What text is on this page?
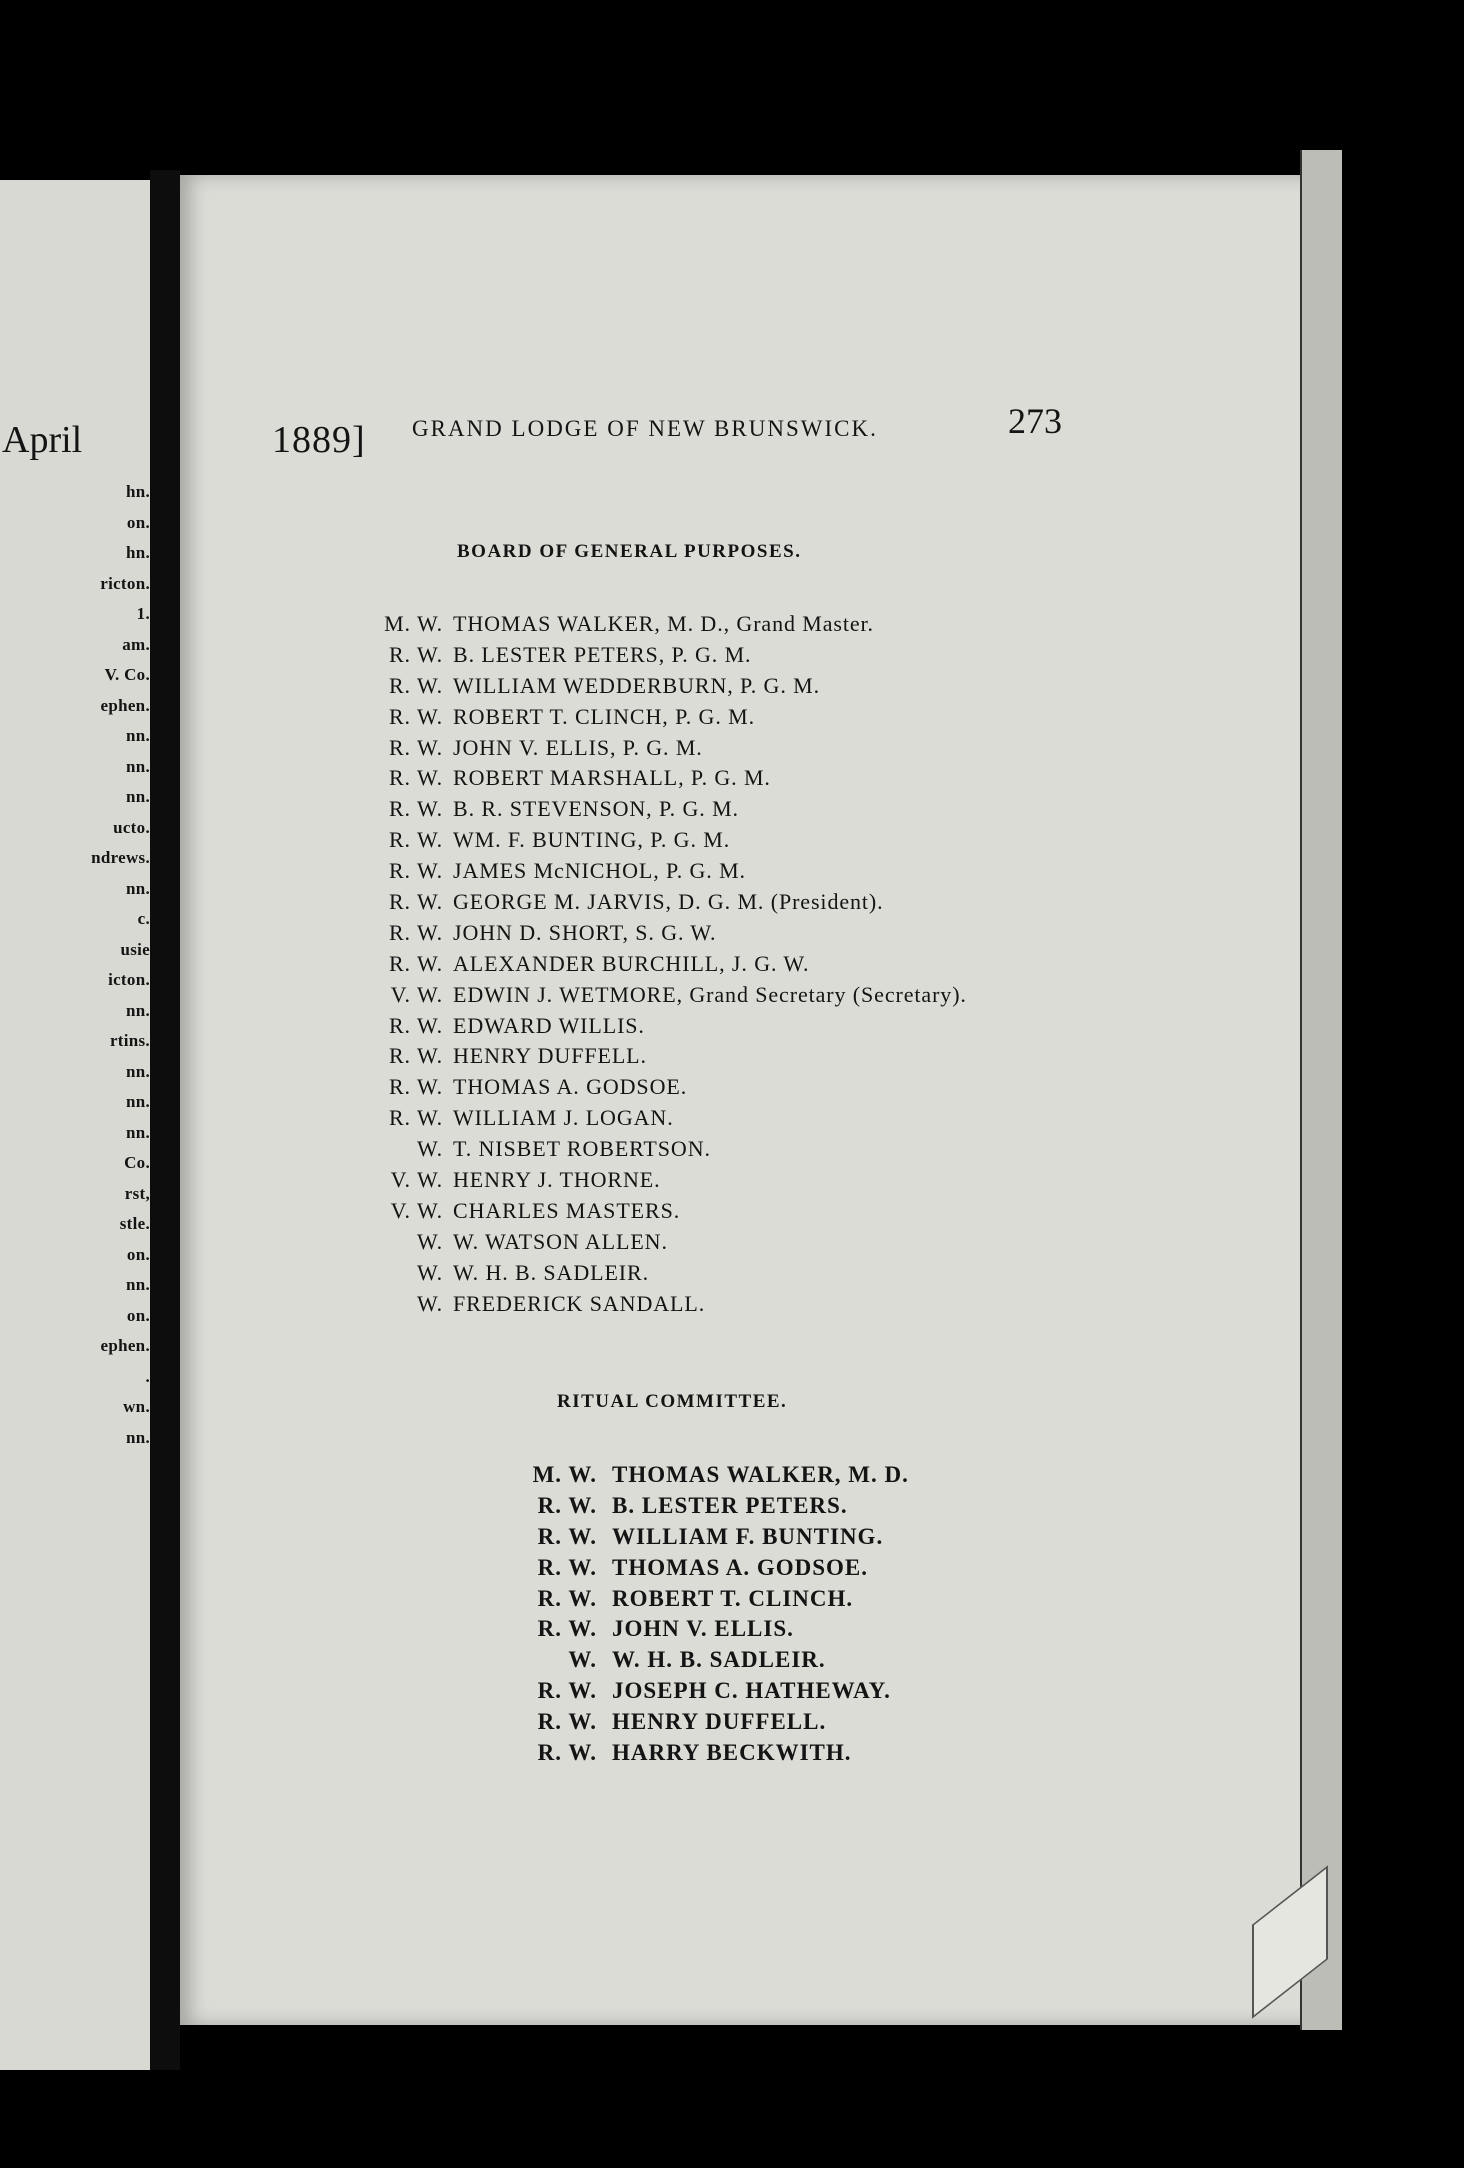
April
hn.
on.
hn.
ricton.
1.
am.
V. Co.
ephen.
nn.
nn.
nn.
ucto.
ndrews.
nn.
c.
usie
icton.
nn.
rtins.
nn.
nn.
nn.
Co.
rst,
stle.
on.
nn.
on.
ephen.
.
wn.
nn.
1889] GRAND LODGE OF NEW BRUNSWICK.	273
BOARD OF GENERAL PURPOSES.
M. W. THOMAS WALKER, M. D., Grand Master.
R. W. B. LESTER PETERS, P. G. M.
R. W. WILLIAM WEDDERBURN, P. G. M.
R. W. ROBERT T. CLINCH, P. G. M.
R. W. JOHN V. ELLIS, P. G. M.
R. W. ROBERT MARSHALL, P. G. M.
R. W. B. R. STEVENSON, P. G. M.
R. W. WM. F. BUNTING, P. G. M.
R. W. JAMES McNICHOL, P. G. M.
R. W. GEORGE M. JARVIS, D. G. M. (President).
R. W. JOHN D. SHORT, S. G. W.
R. W. ALEXANDER BURCHILL, J. G. W.
V. W. EDWIN J. WETMORE, Grand Secretary (Secretary).
R. W. EDWARD WILLIS.
R. W. HENRY DUFFELL.
R. W. THOMAS A. GODSOE.
R. W. WILLIAM J. LOGAN.
W. T. NISBET ROBERTSON.
V. W. HENRY J. THORNE.
V. W. CHARLES MASTERS.
W. W. WATSON ALLEN.
W. W. H. B. SADLEIR.
W. FREDERICK SANDALL.
RITUAL COMMITTEE.
M. W. THOMAS WALKER, M. D.
R. W. B. LESTER PETERS.
R. W. WILLIAM F. BUNTING.
R. W. THOMAS A. GODSOE.
R. W. ROBERT T. CLINCH.
R. W. JOHN V. ELLIS.
W. W. H. B. SADLEIR.
R. W. JOSEPH C. HATHEWAY.
R. W. HENRY DUFFELL.
R. W. HARRY BECKWITH.
